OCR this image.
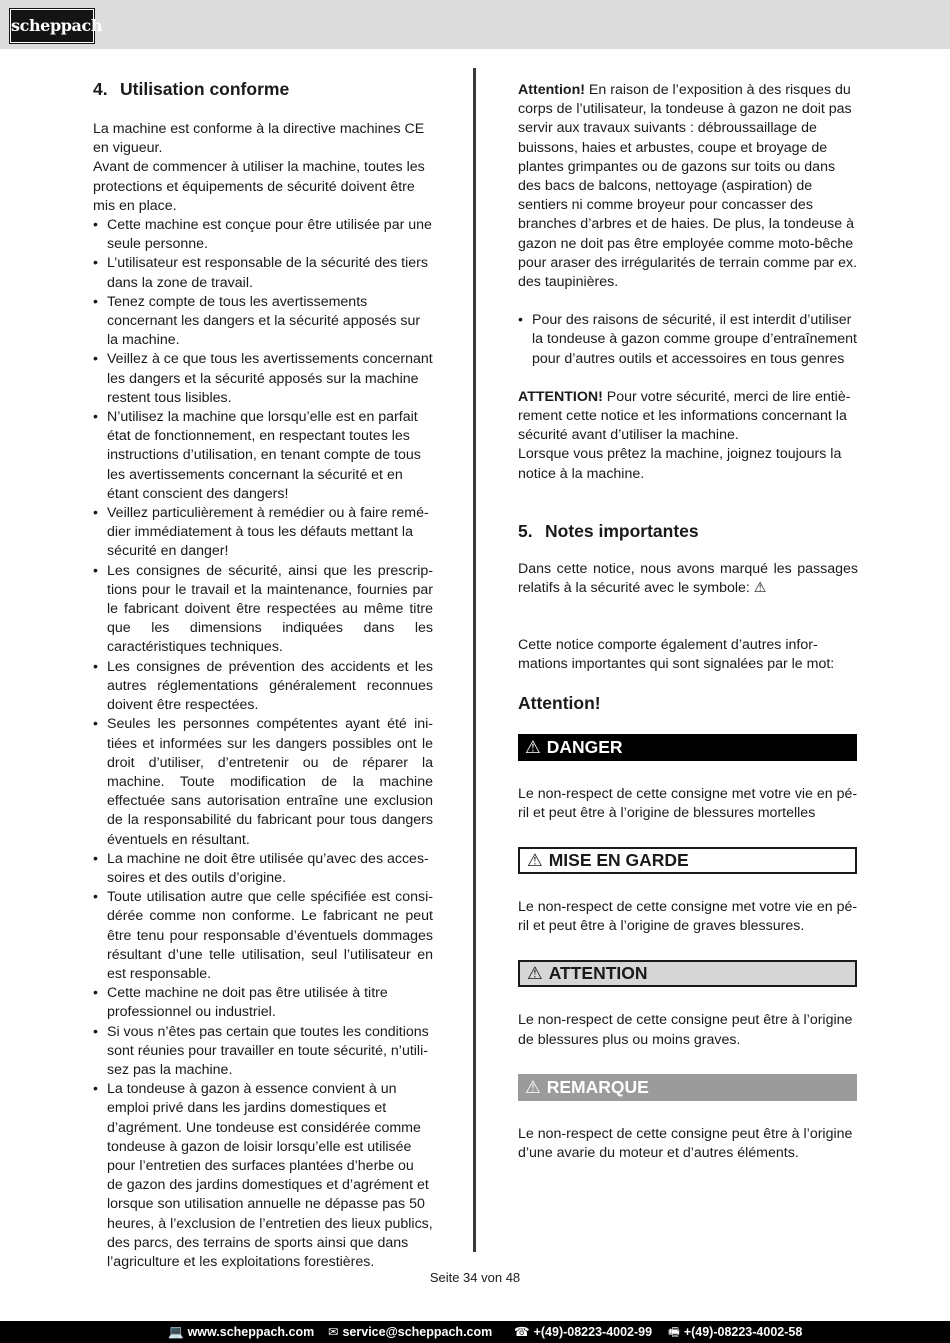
scheppach
4. Utilisation conforme

La machine est conforme à la directive machines CE en vigueur.

Avant de commencer à utiliser la machine, toutes les protections et équipements de sécurité doivent être mis en place.

• Cette machine est conçue pour être utilisée par une seule personne.
• L’utilisateur est responsable de la sécurité des tiers dans la zone de travail.
• Tenez compte de tous les avertissements concernant les dangers et la sécurité apposés sur la machine.
• Veillez à ce que tous les avertissements concernant les dangers et la sécurité apposés sur la machine restent tous lisibles.
• N’utilisez la machine que lorsqu’elle est en parfait état de fonctionnement, en respectant toutes les instructions d’utilisation, en tenant compte de tous les avertissements concernant la sécurité et en étant conscient des dangers!
• Veillez particulièrement à remédier ou à faire remédier immédiatement à tous les défauts mettant la sécurité en danger!
• Les consignes de sécurité, ainsi que les prescriptions pour le travail et la maintenance, fournies par le fabricant doivent être respectées au même titre que les dimensions indiquées dans les caractéristiques techniques.
• Les consignes de prévention des accidents et les autres réglementations généralement reconnues doivent être respectées.
• Seules les personnes compétentes ayant été initiées et informées sur les dangers possibles ont le droit d’utiliser, d’entretenir ou de réparer la machine. Toute modification de la machine effectuée sans autorisation entraîne une exclusion de la responsabilité du fabricant pour tous dangers éventuels en résultant.
• La machine ne doit être utilisée qu’avec des accessoires et des outils d’origine.
• Toute utilisation autre que celle spécifiée est considérée comme non conforme. Le fabricant ne peut être tenu pour responsable d’éventuels dommages résultant d’une telle utilisation, seul l’utilisateur en est responsable.
• Cette machine ne doit pas être utilisée à titre professionnel ou industriel.
• Si vous n’êtes pas certain que toutes les conditions sont réunies pour travailler en toute sécurité, n’utilisez pas la machine.
• La tondeuse à gazon à essence convient à un emploi privé dans les jardins domestiques et d’agrément. Une tondeuse est considérée comme tondeuse à gazon de loisir lorsqu’elle est utilisée pour l’entretien des surfaces plantées d’herbe ou de gazon des jardins domestiques et d’agrément et lorsque son utilisation annuelle ne dépasse pas 50 heures, à l’exclusion de l’entretien des lieux publics, des parcs, des terrains de sports ainsi que dans l’agriculture et les exploitations forestières.

Attention! En raison de l’exposition à des risques du corps de l’utilisateur, la tondeuse à gazon ne doit pas servir aux travaux suivants : débroussaillage de buissons, haies et arbustes, coupe et broyage de plantes grimpantes ou de gazons sur toits ou dans des bacs de balcons, nettoyage (aspiration) de sentiers ni comme broyeur pour concasser des branches d’arbres et de haies. De plus, la tondeuse à gazon ne doit pas être employée comme moto-bêche pour araser des irrégularités de terrain comme par ex. des taupinières.

• Pour des raisons de sécurité, il est interdit d’utiliser la tondeuse à gazon comme groupe d’entraînement pour d’autres outils et accessoires en tous genres

ATTENTION! Pour votre sécurité, merci de lire entièrement cette notice et les informations concernant la sécurité avant d’utiliser la machine.

Lorsque vous prêtez la machine, joignez toujours la notice à la machine.

5. Notes importantes

Dans cette notice, nous avons marqué les passages relatifs à la sécurité avec le symbole: ⚠

Cette notice comporte également d’autres informations importantes qui sont signalées par le mot:

Attention!

⚠ DANGER

Le non-respect de cette consigne met votre vie en péril et peut être à l’origine de blessures mortelles

⚠ MISE EN GARDE

Le non-respect de cette consigne met votre vie en péril et peut être à l’origine de graves blessures.

⚠ ATTENTION

Le non-respect de cette consigne peut être à l’origine de blessures plus ou moins graves.

⚠ REMARQUE

Le non-respect de cette consigne peut être à l’origine d’une avarie du moteur et d’autres éléments.

Seite 34 von 48
💻 www.scheppach.com ✉ service@scheppach.com ☎ +(49)-08223-4002-99 🖷 +(49)-08223-4002-58
